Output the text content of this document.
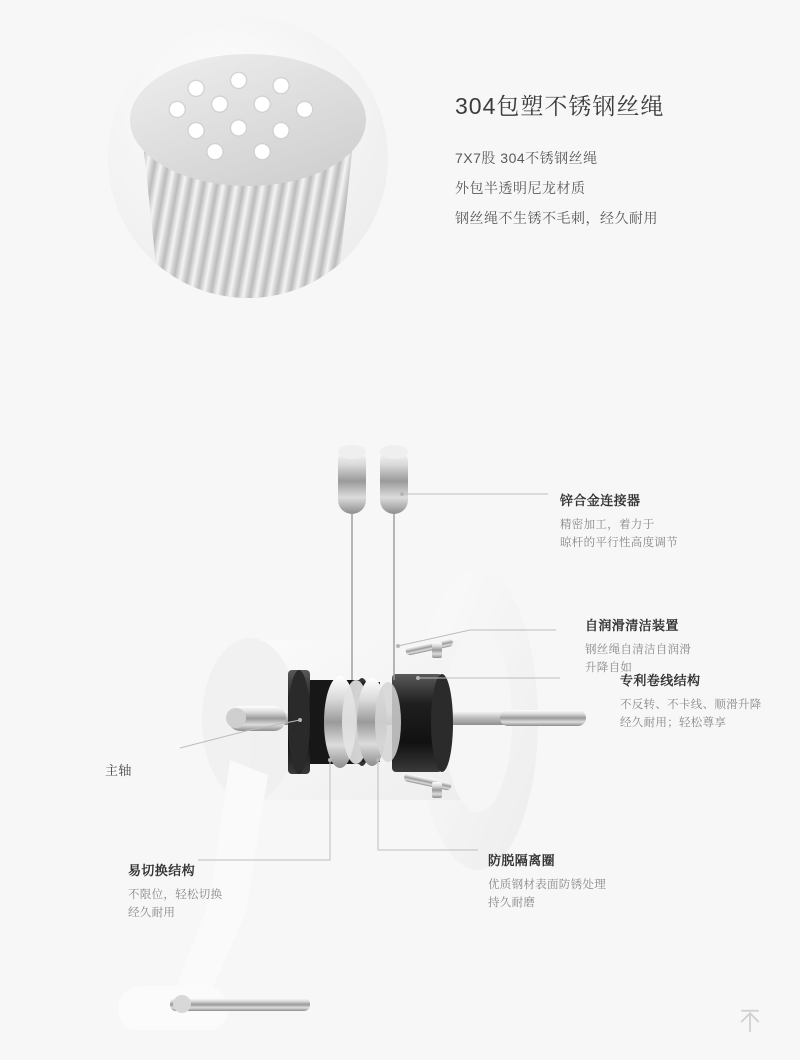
304包塑不锈钢丝绳
7X7股 304不锈钢丝绳
外包半透明尼龙材质
钢丝绳不生锈不毛刺，经久耐用
锌合金连接器
精密加工，着力于
晾杆的平行性高度调节
自润滑清洁装置
钢丝绳自清洁自润滑
升降自如
专利卷线结构
不反转、不卡线、顺滑升降
经久耐用；轻松尊享
主轴
易切换结构
不限位，轻松切换
经久耐用
防脱隔离圈
优质钢材表面防锈处理
持久耐磨
